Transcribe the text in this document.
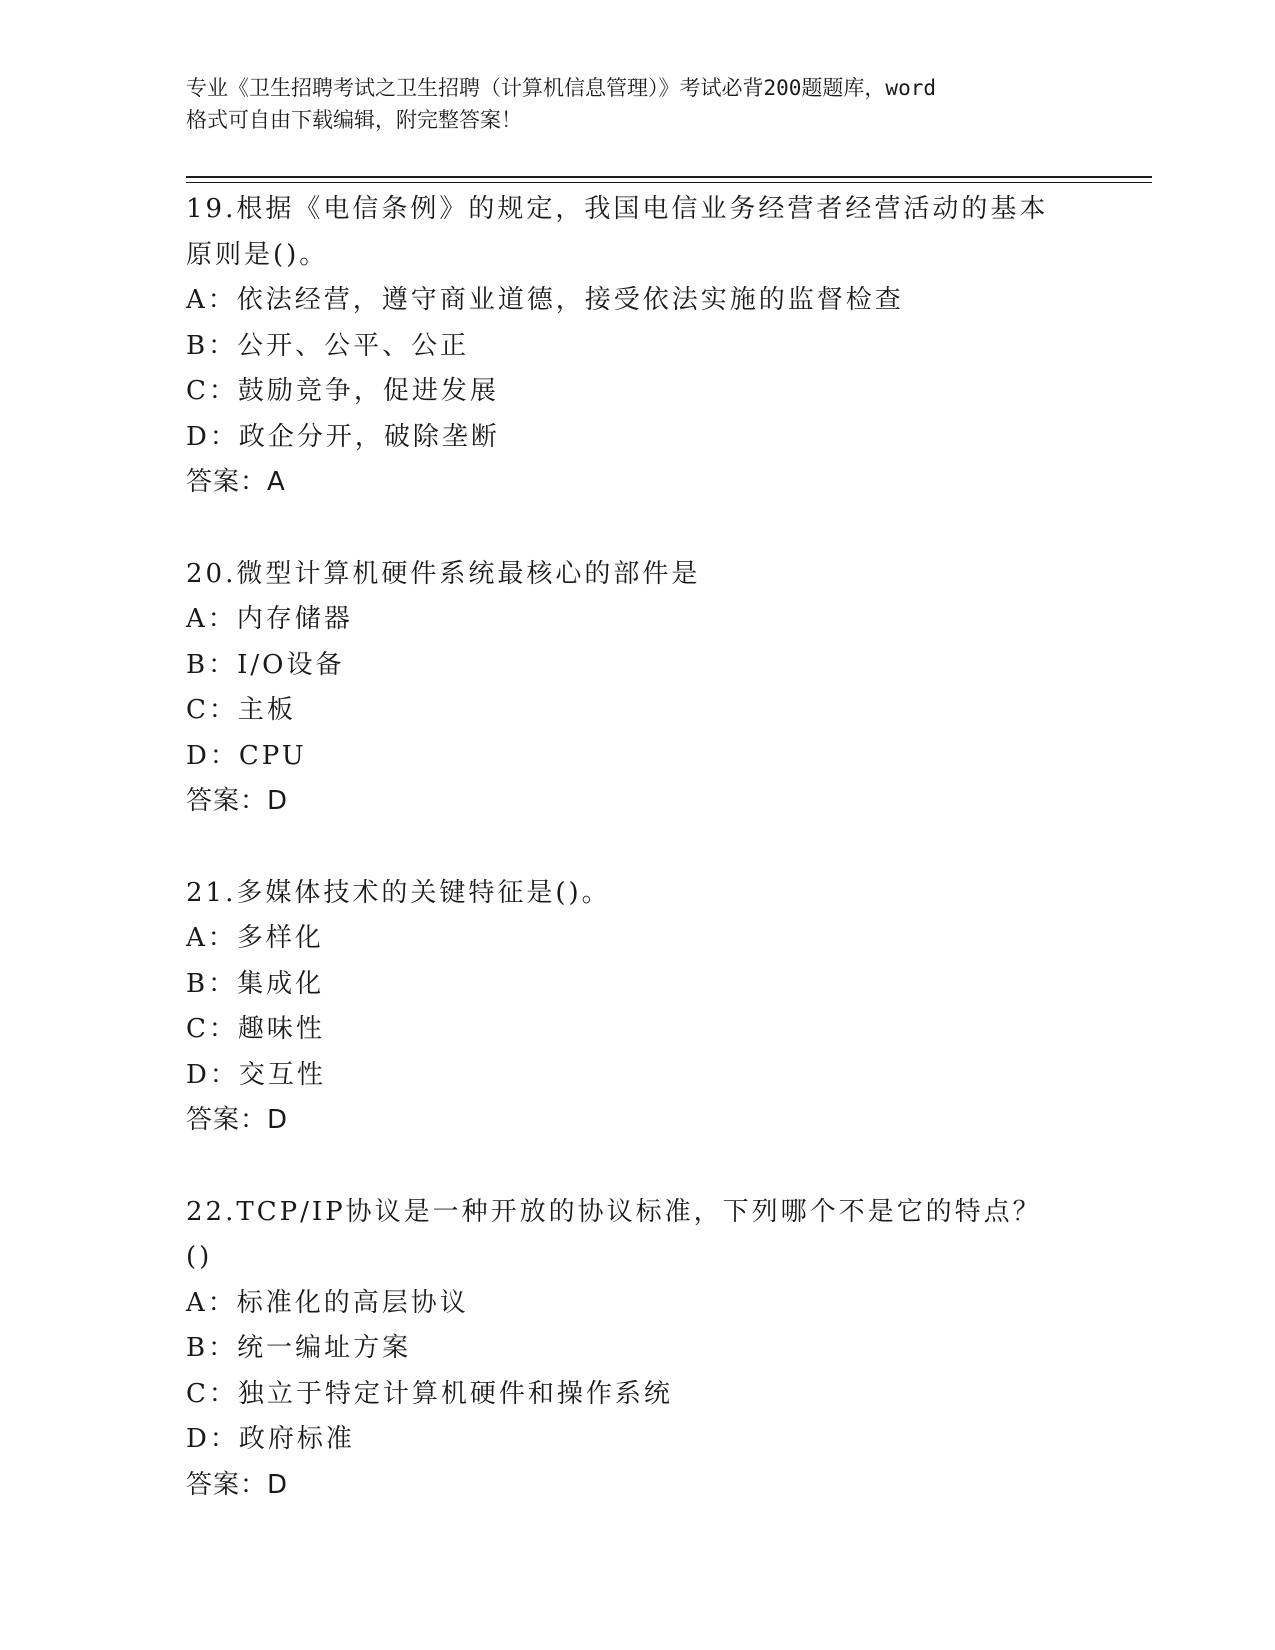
专业《卫生招聘考试之卫生招聘（计算机信息管理）》考试必背200题题库，word
格式可自由下载编辑，附完整答案！
19.根据《电信条例》的规定，我国电信业务经营者经营活动的基本原则是()。
A：依法经营，遵守商业道德，接受依法实施的监督检查
B：公开、公平、公正
C：鼓励竞争，促进发展
D：政企分开，破除垄断
答案：A
20.微型计算机硬件系统最核心的部件是
A：内存储器
B：I/O设备
C：主板
D：CPU
答案：D
21.多媒体技术的关键特征是()。
A：多样化
B：集成化
C：趣味性
D：交互性
答案：D
22.TCP/IP协议是一种开放的协议标准，下列哪个不是它的特点？()
A：标准化的高层协议
B：统一编址方案
C：独立于特定计算机硬件和操作系统
D：政府标准
答案：D
